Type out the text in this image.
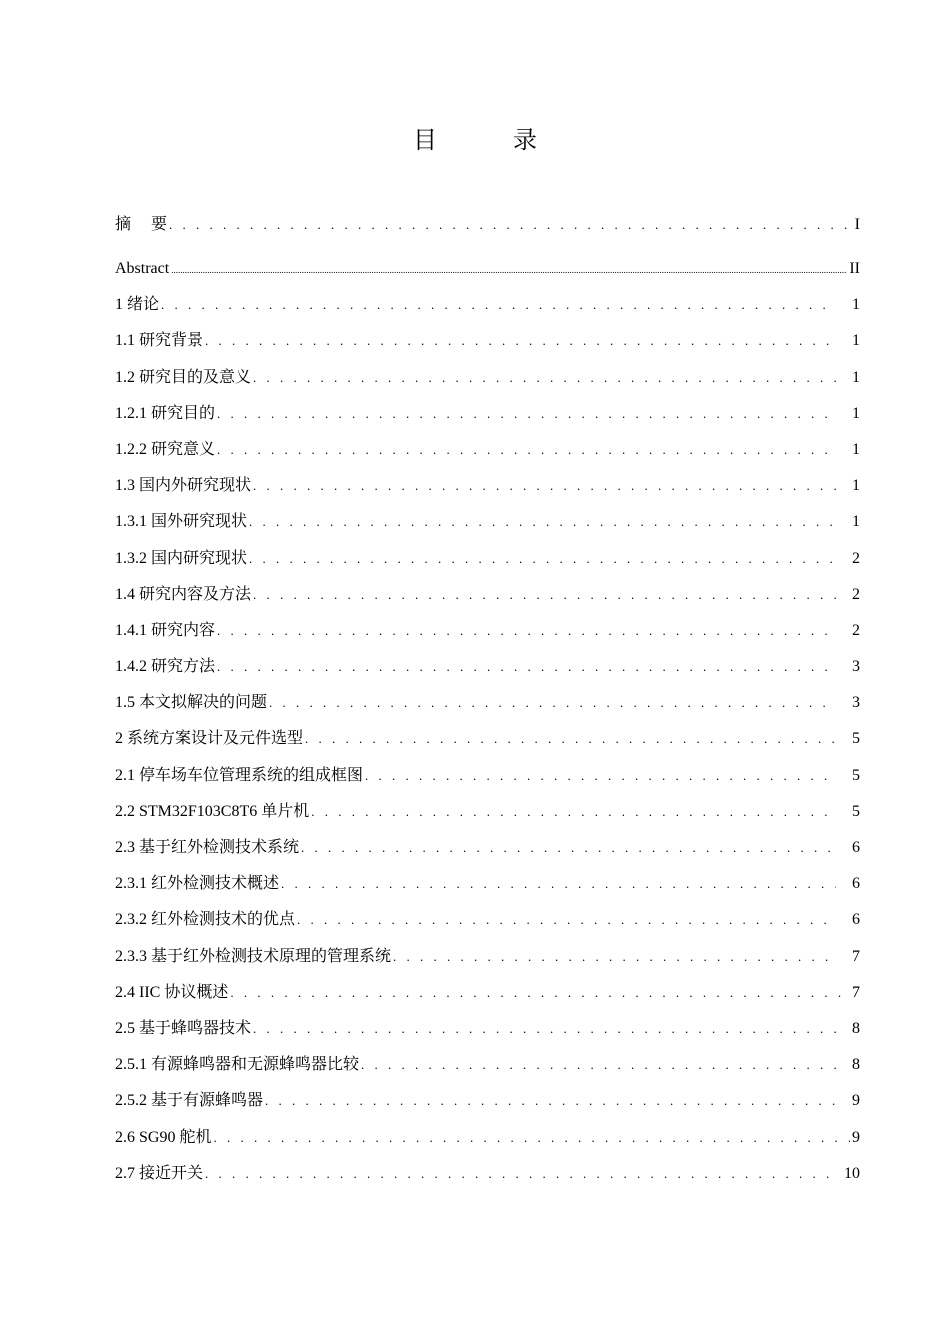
目　录
摘　 要 . . .	I
Abstract .....	II
1 绪论 . . .	1
1.1 研究背景 . . .	1
1.2 研究目的及意义 . . .	1
1.2.1 研究目的 . . .	1
1.2.2 研究意义 . . .	1
1.3 国内外研究现状 . . .	1
1.3.1 国外研究现状 . . .	1
1.3.2 国内研究现状 . . .	2
1.4 研究内容及方法 . . .	2
1.4.1 研究内容 . . .	2
1.4.2 研究方法 . . .	3
1.5 本文拟解决的问题 . . .	3
2 系统方案设计及元件选型 . . .	5
2.1 停车场车位管理系统的组成框图 . . .	5
2.2 STM32F103C8T6 单片机 . . .	5
2.3 基于红外检测技术系统 . . .	6
2.3.1 红外检测技术概述 . . .	6
2.3.2 红外检测技术的优点 . . .	6
2.3.3 基于红外检测技术原理的管理系统 . . .	7
2.4 IIC 协议概述 . . .	7
2.5 基于蜂鸣器技术 . . .	8
2.5.1 有源蜂鸣器和无源蜂鸣器比较 . . .	8
2.5.2 基于有源蜂鸣器 . . .	9
2.6 SG90 舵机 . . .	9
2.7 接近开关 . . .	10
